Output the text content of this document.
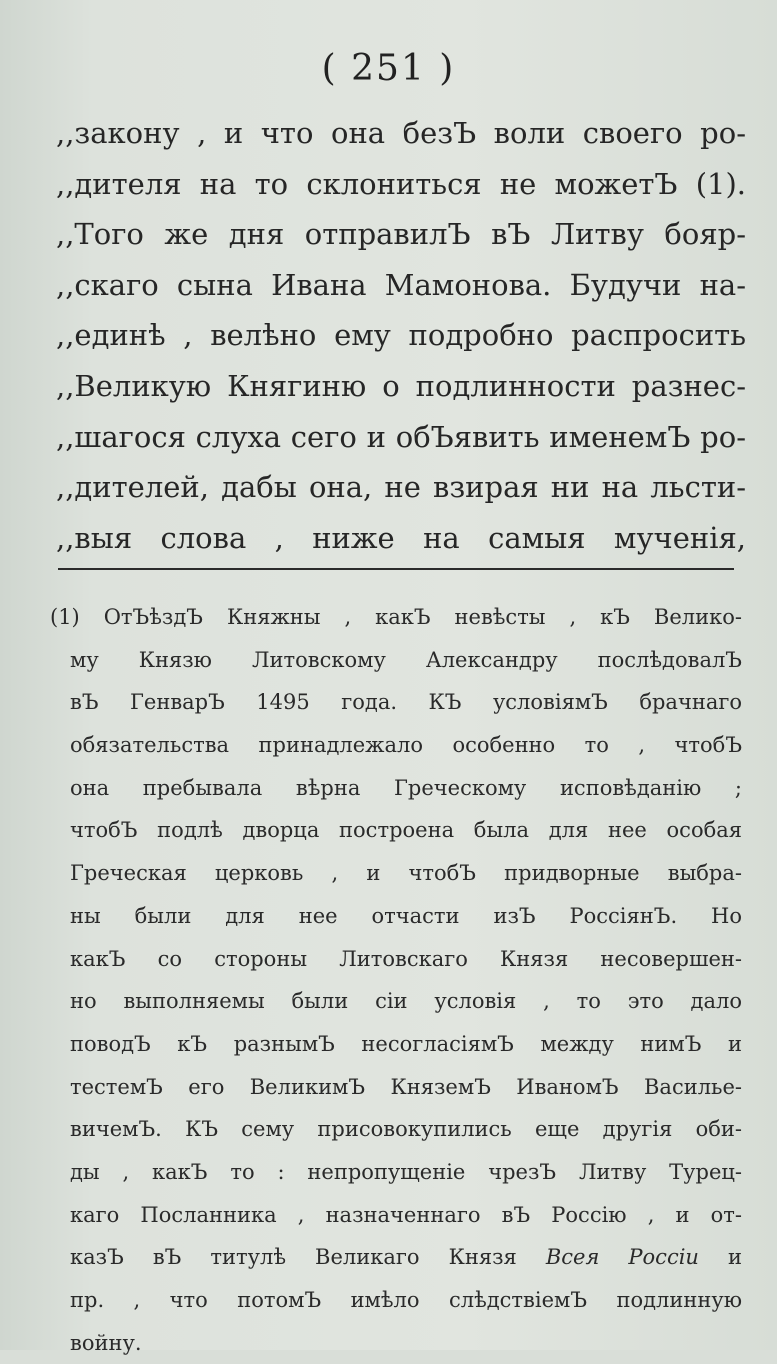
( 251 )
,,закону , и что она безЪ воли своего ро-
,,дителя на то склониться не можетЪ (1).
,,Того же дня отправилЪ вЪ Литву бояр-
,,скаго сына Ивана Мамонова. Будучи на-
,,единѣ , велѣно ему подробно распросить
,,Великую Княгиню о подлинности разнес-
,,шагося слуха сего и обЪявить именемЪ ро-
,,дителей, дабы она, не взирая ни на льсти-
,,выя слова , ниже на самыя мученія,
(1) ОтЪѣздЪ Княжны , какЪ невѣсты , кЪ Велико-
му Князю Литовскому Александру послѣдовалЪ
вЪ ГенварЪ 1495 года. КЪ условіямЪ брачнаго
обязательства принадлежало особенно то , чтобЪ
она пребывала вѣрна Греческому исповѣданію ;
чтобЪ подлѣ дворца построена была для нее особая
Греческая церковь , и чтобЪ придворные выбра-
ны были для нее отчасти изЪ РоссіянЪ. Но
какЪ со стороны Литовскаго Князя несовершен-
но выполняемы были сіи условія , то это дало
поводЪ кЪ разнымЪ несогласіямЪ между нимЪ и
тестемЪ его ВеликимЪ КняземЪ ИваномЪ Василье-
вичемЪ. КЪ сему присовокупились еще другія оби-
ды , какЪ то : непропущеніе чрезЪ Литву Турец-
каго Посланника , назначеннаго вЪ Россію , и от-
казЪ вЪ титулѣ Великаго Князя Всея Россіи и
пр. , что потомЪ имѣло слѣдствіемЪ подлинную
войну.
